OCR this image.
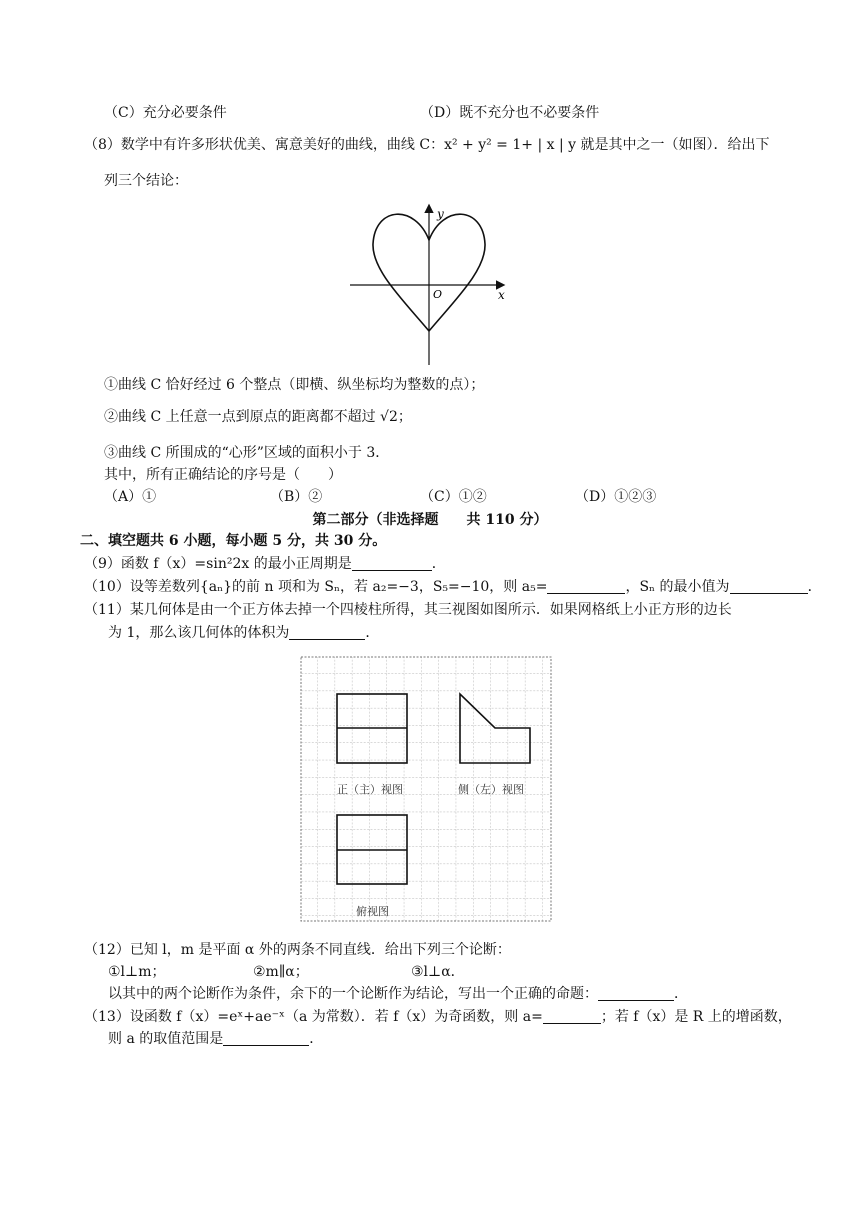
（C）充分必要条件	（D）既不充分也不必要条件
（8）数学中有许多形状优美、寓意美好的曲线，曲线 C：x² + y² = 1+ | x | y 就是其中之一（如图）．给出下
列三个结论：
y
x
O
①曲线 C 恰好经过 6 个整点（即横、纵坐标均为整数的点）；
②曲线 C 上任意一点到原点的距离都不超过 √2；
③曲线 C 所围成的“心形”区域的面积小于 3．
其中，所有正确结论的序号是（　　）
（A）①	（B）②	（C）①②	（D）①②③
第二部分（非选择题　　共 110 分）
二、填空题共 6 小题，每小题 5 分，共 30 分。
（9）函数 f（x）=sin²2x 的最小正周期是	．
（10）设等差数列{aₙ}的前 n 项和为 Sₙ，若 a₂=−3，S₅=−10，则 a₅=	，Sₙ 的最小值为	．
（11）某几何体是由一个正方体去掉一个四棱柱所得，其三视图如图所示．如果网格纸上小正方形的边长
为 1，那么该几何体的体积为	．
正（主）视图	侧（左）视图
俯视图
（12）已知 l，m 是平面 α 外的两条不同直线．给出下列三个论断：
①l⊥m；	②m∥α；	③l⊥α．
以其中的两个论断作为条件，余下的一个论断作为结论，写出一个正确的命题：	．
（13）设函数 f（x）=eˣ+ae⁻ˣ（a 为常数）．若 f（x）为奇函数，则 a=	；若 f（x）是 R 上的增函数，
则 a 的取值范围是	．
